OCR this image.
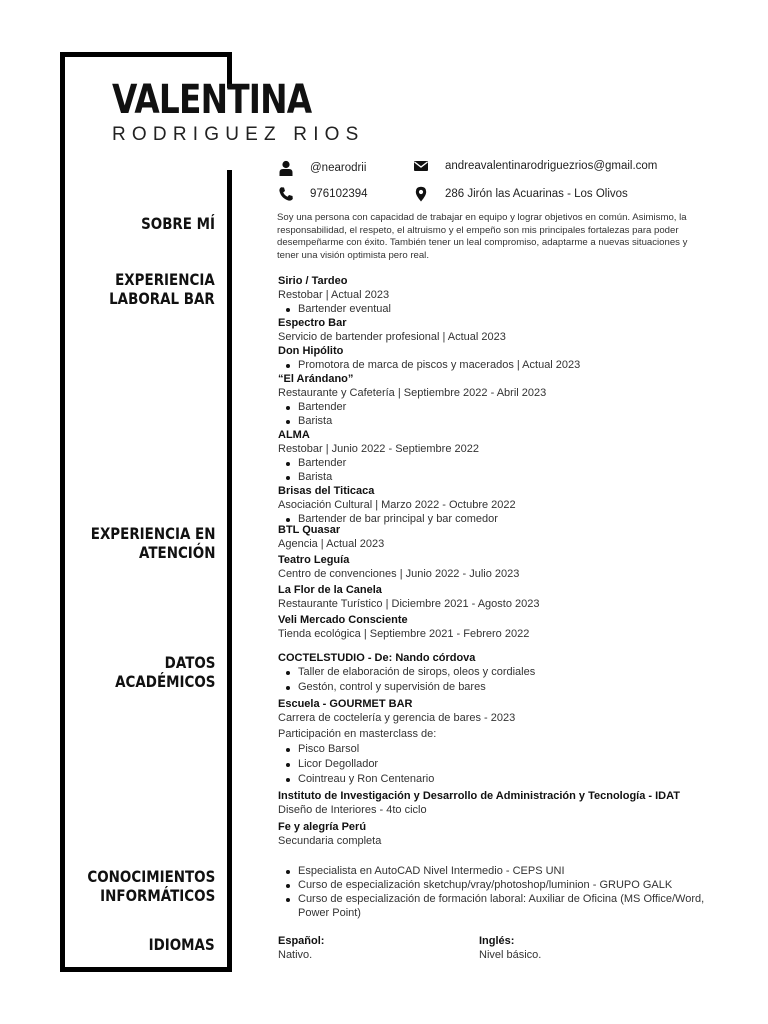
VALENTINA
RODRIGUEZ RIOS
@nearodrii	andreavalentinarodriguezrios@gmail.com
976102394	286 Jirón las Acuarinas - Los Olivos
SOBRE MÍ
EXPERIENCIA
LABORAL BAR
EXPERIENCIA EN
ATENCIÓN
DATOS
ACADÉMICOS
CONOCIMIENTOS
INFORMÁTICOS
IDIOMAS

Soy una persona con capacidad de trabajar en equipo y lograr objetivos en común. Asimismo, la responsabilidad, el respeto, el altruismo y el empeño son mis principales fortalezas para poder desempeñarme con éxito. También tener un leal compromiso, adaptarme a nuevas situaciones y tener una visión optimista pero real.

Sirio / Tardeo
Restobar | Actual 2023
Bartender eventual
Espectro Bar
Servicio de bartender profesional | Actual 2023
Don Hipólito
Promotora de marca de piscos y macerados | Actual 2023
“El Arándano”
Restaurante y Cafetería | Septiembre 2022 - Abril 2023
Bartender
Barista
ALMA
Restobar | Junio 2022 - Septiembre 2022
Bartender
Barista
Brisas del Titicaca
Asociación Cultural | Marzo 2022 - Octubre 2022
Bartender de bar principal y bar comedor
BTL Quasar
Agencia | Actual 2023
Teatro Leguía
Centro de convenciones | Junio 2022 - Julio 2023
La Flor de la Canela
Restaurante Turístico | Diciembre 2021 - Agosto 2023
Veli Mercado Consciente
Tienda ecológica | Septiembre 2021 - Febrero 2022
COCTELSTUDIO - De: Nando córdova
Taller de elaboración de sirops, oleos y cordiales
Gestón, control y supervisión de bares
Escuela - GOURMET BAR
Carrera de coctelería y gerencia de bares - 2023
Participación en masterclass de:
Pisco Barsol
Licor Degollador
Cointreau y Ron Centenario
Instituto de Investigación y Desarrollo de Administración y Tecnología - IDAT
Diseño de Interiores - 4to ciclo
Fe y alegría Perú
Secundaria completa
Especialista en AutoCAD Nivel Intermedio - CEPS UNI
Curso de especialización sketchup/vray/photoshop/luminion - GRUPO GALK
Curso de especialización de formación laboral: Auxiliar de Oficina (MS Office/Word, Power Point)
Español:
Nativo.
Inglés:
Nivel básico.
